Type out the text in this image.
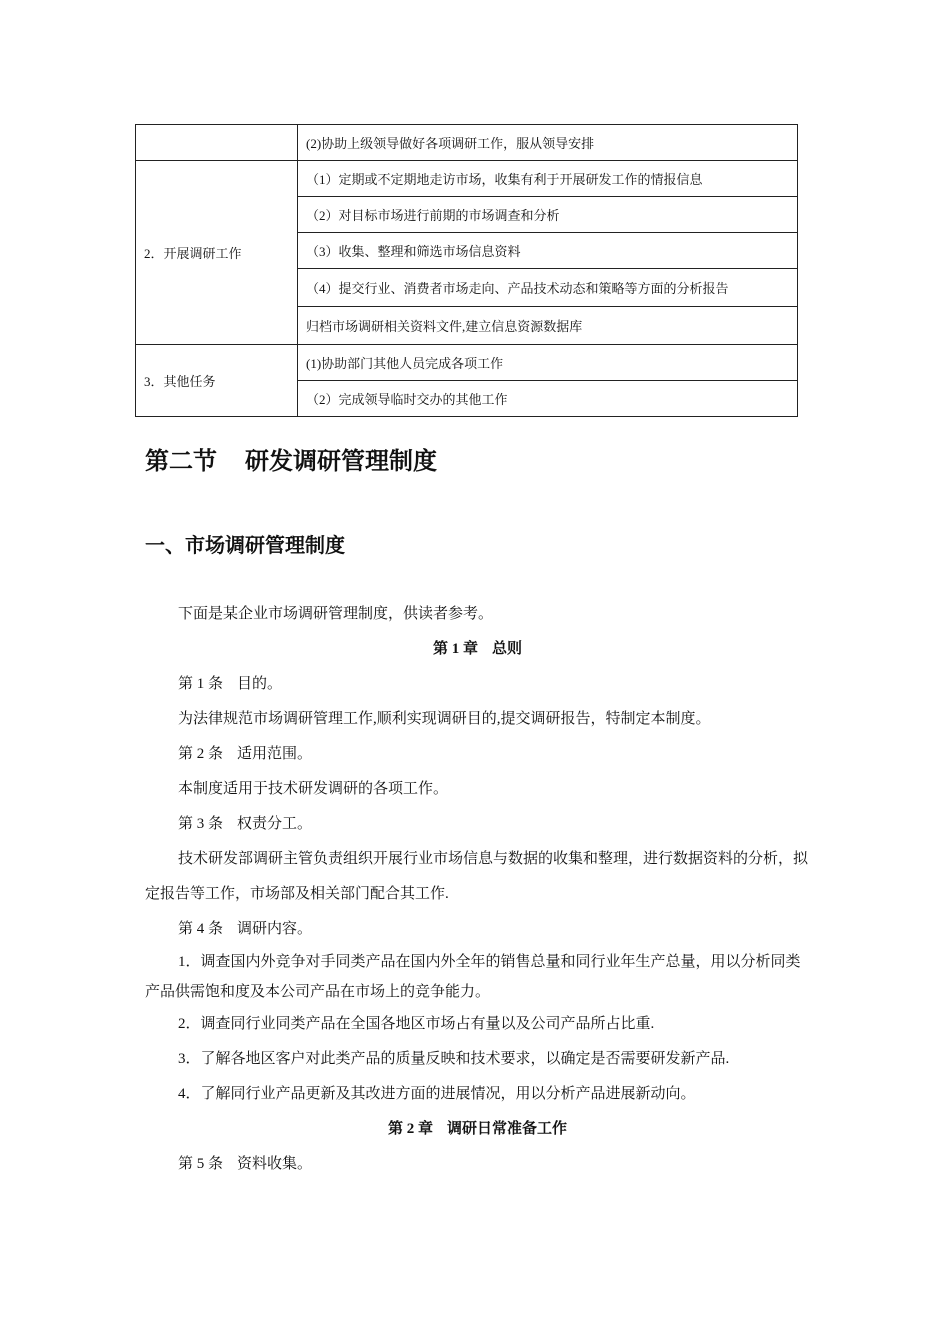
	(2)协助上级领导做好各项调研工作，服从领导安排
2．开展调研工作	（1）定期或不定期地走访市场，收集有利于开展研发工作的情报信息
	（2）对目标市场进行前期的市场调查和分析
	（3）收集、整理和筛选市场信息资料
	（4）提交行业、消费者市场走向、产品技术动态和策略等方面的分析报告
	归档市场调研相关资料文件,建立信息资源数据库
3．其他任务	(1)协助部门其他人员完成各项工作
	（2）完成领导临时交办的其他工作
第二节 研发调研管理制度
一、市场调研管理制度

下面是某企业市场调研管理制度，供读者参考。

第 1 章 总则

第 1 条 目的。

为法律规范市场调研管理工作,顺利实现调研目的,提交调研报告，特制定本制度。

第 2 条 适用范围。

本制度适用于技术研发调研的各项工作。

第 3 条 权责分工。

技术研发部调研主管负责组织开展行业市场信息与数据的收集和整理，进行数据资料的分析，拟定报告等工作，市场部及相关部门配合其工作.

第 4 条 调研内容。

1．调查国内外竞争对手同类产品在国内外全年的销售总量和同行业年生产总量，用以分析同类产品供需饱和度及本公司产品在市场上的竞争能力。

2．调查同行业同类产品在全国各地区市场占有量以及公司产品所占比重.

3．了解各地区客户对此类产品的质量反映和技术要求，以确定是否需要研发新产品.

4．了解同行业产品更新及其改进方面的进展情况，用以分析产品进展新动向。

第 2 章 调研日常准备工作

第 5 条 资料收集。
